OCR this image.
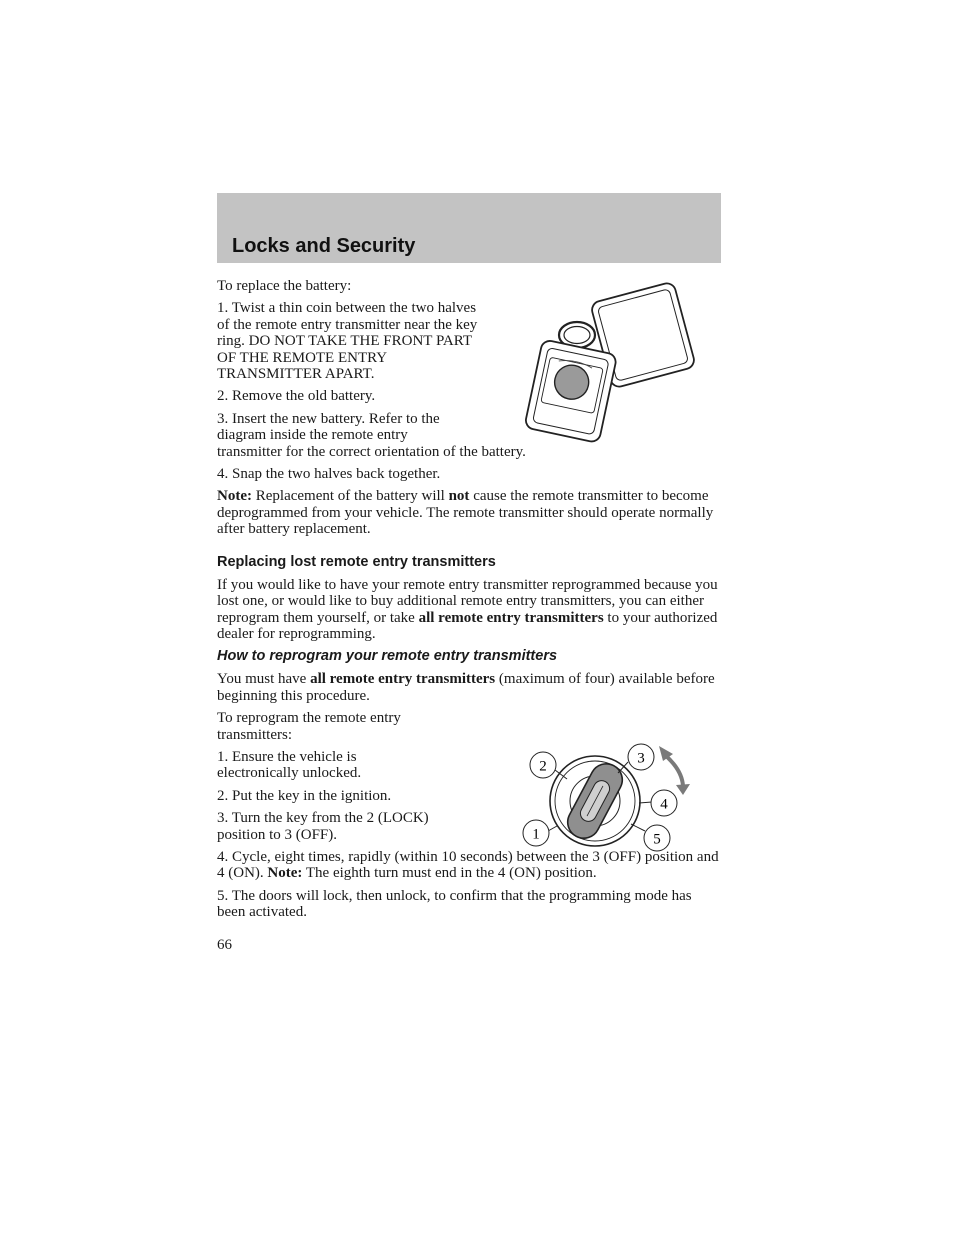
Locks and Security
2	3
4
5
1

To replace the battery:

1. Twist a thin coin between the two halves of the remote entry transmitter near the key ring. DO NOT TAKE THE FRONT PART OF THE REMOTE ENTRY TRANSMITTER APART.

2. Remove the old battery.

3. Insert the new battery. Refer to the diagram inside the remote entry
transmitter for the correct orientation of the battery.

4. Snap the two halves back together.

Note: Replacement of the battery will not cause the remote transmitter to become deprogrammed from your vehicle. The remote transmitter should operate normally after battery replacement.

Replacing lost remote entry transmitters

If you would like to have your remote entry transmitter reprogrammed because you lost one, or would like to buy additional remote entry transmitters, you can either reprogram them yourself, or take all remote entry transmitters to your authorized dealer for reprogramming.

How to reprogram your remote entry transmitters

You must have all remote entry transmitters (maximum of four) available before beginning this procedure.

To reprogram the remote entry transmitters:

1. Ensure the vehicle is electronically unlocked.

2. Put the key in the ignition.

3. Turn the key from the 2 (LOCK) position to 3 (OFF).

4. Cycle, eight times, rapidly (within 10 seconds) between the 3 (OFF) position and 4 (ON). Note: The eighth turn must end in the 4 (ON) position.

5. The doors will lock, then unlock, to confirm that the programming mode has been activated.

66
